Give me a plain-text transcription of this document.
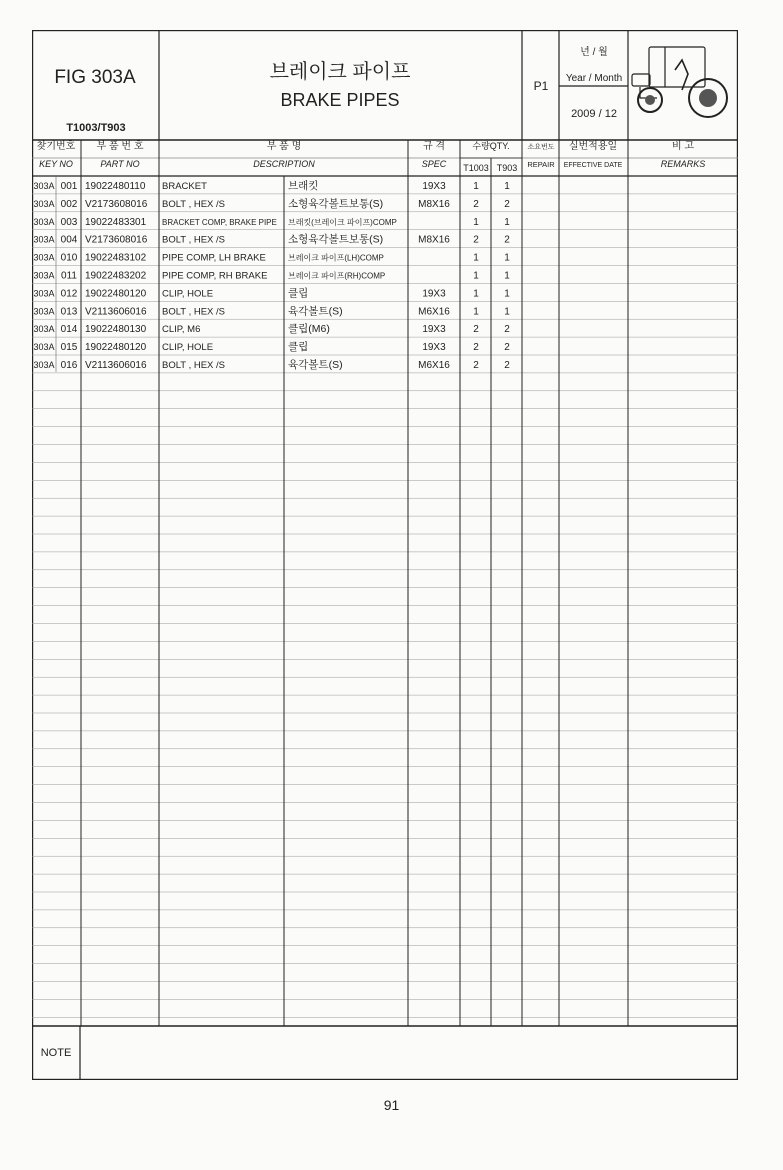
FIG 303A
T1003/T903
브레이크 파이프
BRAKE PIPES
P1
년 / 월
Year / Month
2009 / 12
찾기번호
KEY NO
부 품 번 호
PART NO
부 품 명
DESCRIPTION
규 격
SPEC
수량QTY.
T1003 T903
소요번도
REPAIR
실번적용일
EFFECTIVE DATE
비 고
REMARKS
303A 001 19022480110 BRACKET	브래킷	19X3	1	1
303A 002 V2173608016 BOLT , HEX /S	소형육각볼트보통(S)	M8X16 2	2
303A 003 19022483301 BRACKET COMP, BRAKE PIPE 브래킷(브레이크 파이프)COMP	1	1
303A 004 V2173608016 BOLT , HEX /S	소형육각볼트보통(S)	M8X16 2	2
303A 010 19022483102 PIPE COMP, LH BRAKE	브레이크 파이프(LH)COMP	1	1
303A 011 19022483202 PIPE COMP, RH BRAKE	브레이크 파이프(RH)COMP	1	1
303A 012 19022480120 CLIP, HOLE	클립	19X3	1	1
303A 013 V2113606016 BOLT , HEX /S	육각볼트(S)	M6X16 1	1
303A 014 19022480130 CLIP, M6	클립(M6)	19X3	2	2
303A 015 19022480120 CLIP, HOLE	클립	19X3	2	2
303A 016 V2113606016 BOLT , HEX /S	육각볼트(S)	M6X16 2	2
NOTE
91
